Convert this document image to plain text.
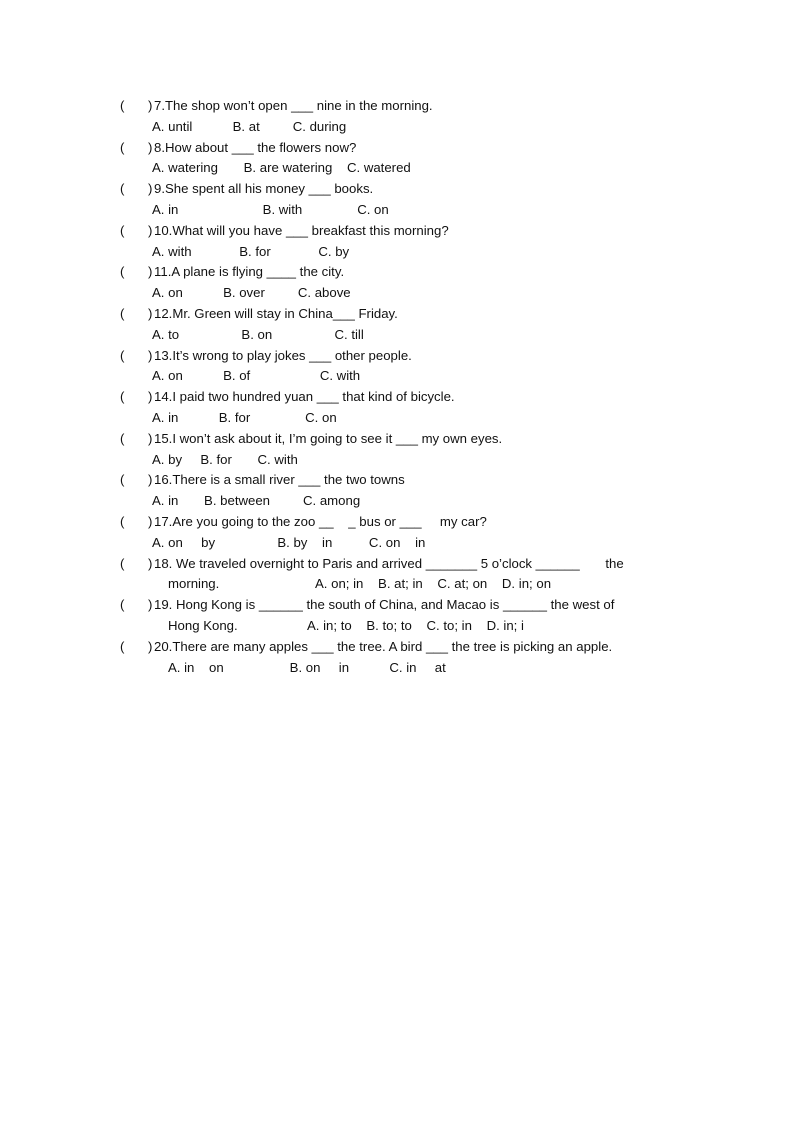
(

)

7.The shop won’t open ___ nine in the morning.

A. until           B. at         C. during

(

)

8.How about ___ the flowers now?

A. watering       B. are watering    C. watered

(

)

9.She spent all his money ___ books.

A. in                       B. with               C. on

(

)

10.What will you have ___ breakfast this morning?

A. with             B. for             C. by

(

)

11.A plane is flying ____ the city.

A. on           B. over         C. above

(

)

12.Mr. Green will stay in China___ Friday.

A. to                 B. on                 C. till

(

)

13.It’s wrong to play jokes ___ other people.

A. on           B. of                   C. with

(

)

14.I paid two hundred yuan ___ that kind of bicycle.

A. in           B. for               C. on

(

)

15.I won’t ask about it, I’m going to see it ___ my own eyes.

A. by     B. for       C. with

(

)

16.There is a small river ___ the two towns

A. in       B. between         C. among

(

)

17.Are you going to the zoo __    _ bus or ___     my car?

A. on     by                 B. by    in          C. on    in

(

)

18. We traveled overnight to Paris and arrived _______ 5 o’clock ______       the

morning.

	A. on; in    B. at; in    C. at; on    D. in; on

(

)

19. Hong Kong is ______ the south of China, and Macao is ______ the west of

Hong Kong.

	A. in; to    B. to; to    C. to; in    D. in; i

(

)

20.There are many apples ___ the tree. A bird ___ the tree is picking an apple.

A. in    on                  B. on     in           C. in     at
